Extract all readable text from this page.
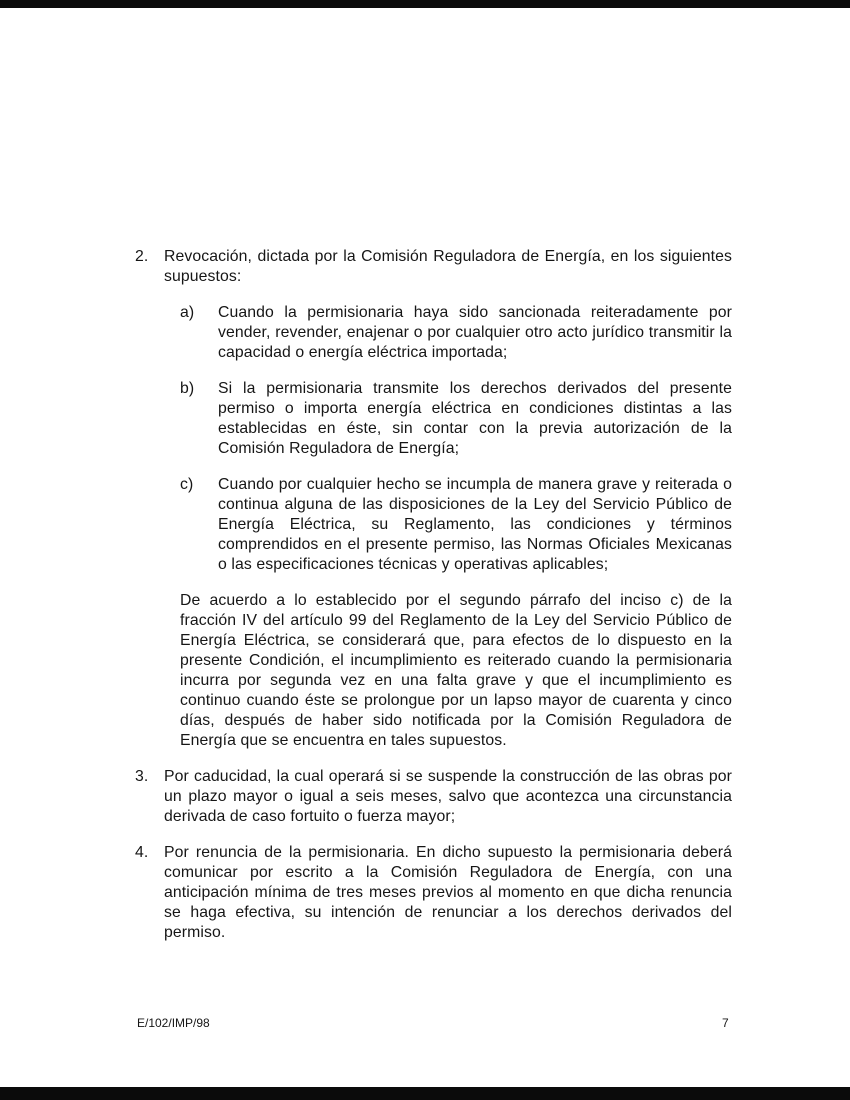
2. Revocación, dictada por la Comisión Reguladora de Energía, en los siguientes supuestos:
a)	Cuando la permisionaria haya sido sancionada reiteradamente por vender, revender, enajenar o por cualquier otro acto jurídico transmitir la capacidad o energía eléctrica importada;
b)	Si la permisionaria transmite los derechos derivados del presente permiso o importa energía eléctrica en condiciones distintas a las establecidas en éste, sin contar con la previa autorización de la Comisión Reguladora de Energía;
c)	Cuando por cualquier hecho se incumpla de manera grave y reiterada o continua alguna de las disposiciones de la Ley del Servicio Público de Energía Eléctrica, su Reglamento, las condiciones y términos comprendidos en el presente permiso, las Normas Oficiales Mexicanas o las especificaciones técnicas y operativas aplicables;
De acuerdo a lo establecido por el segundo párrafo del inciso c) de la fracción IV del artículo 99 del Reglamento de la Ley del Servicio Público de Energía Eléctrica, se considerará que, para efectos de lo dispuesto en la presente Condición, el incumplimiento es reiterado cuando la permisionaria incurra por segunda vez en una falta grave y que el incumplimiento es continuo cuando éste se prolongue por un lapso mayor de cuarenta y cinco días, después de haber sido notificada por la Comisión Reguladora de Energía que se encuentra en tales supuestos.
3. Por caducidad, la cual operará si se suspende la construcción de las obras por un plazo mayor o igual a seis meses, salvo que acontezca una circunstancia derivada de caso fortuito o fuerza mayor;
4. Por renuncia de la permisionaria. En dicho supuesto la permisionaria deberá comunicar por escrito a la Comisión Reguladora de Energía, con una anticipación mínima de tres meses previos al momento en que dicha renuncia se haga efectiva, su intención de renunciar a los derechos derivados del permiso.
E/102/IMP/98	7
